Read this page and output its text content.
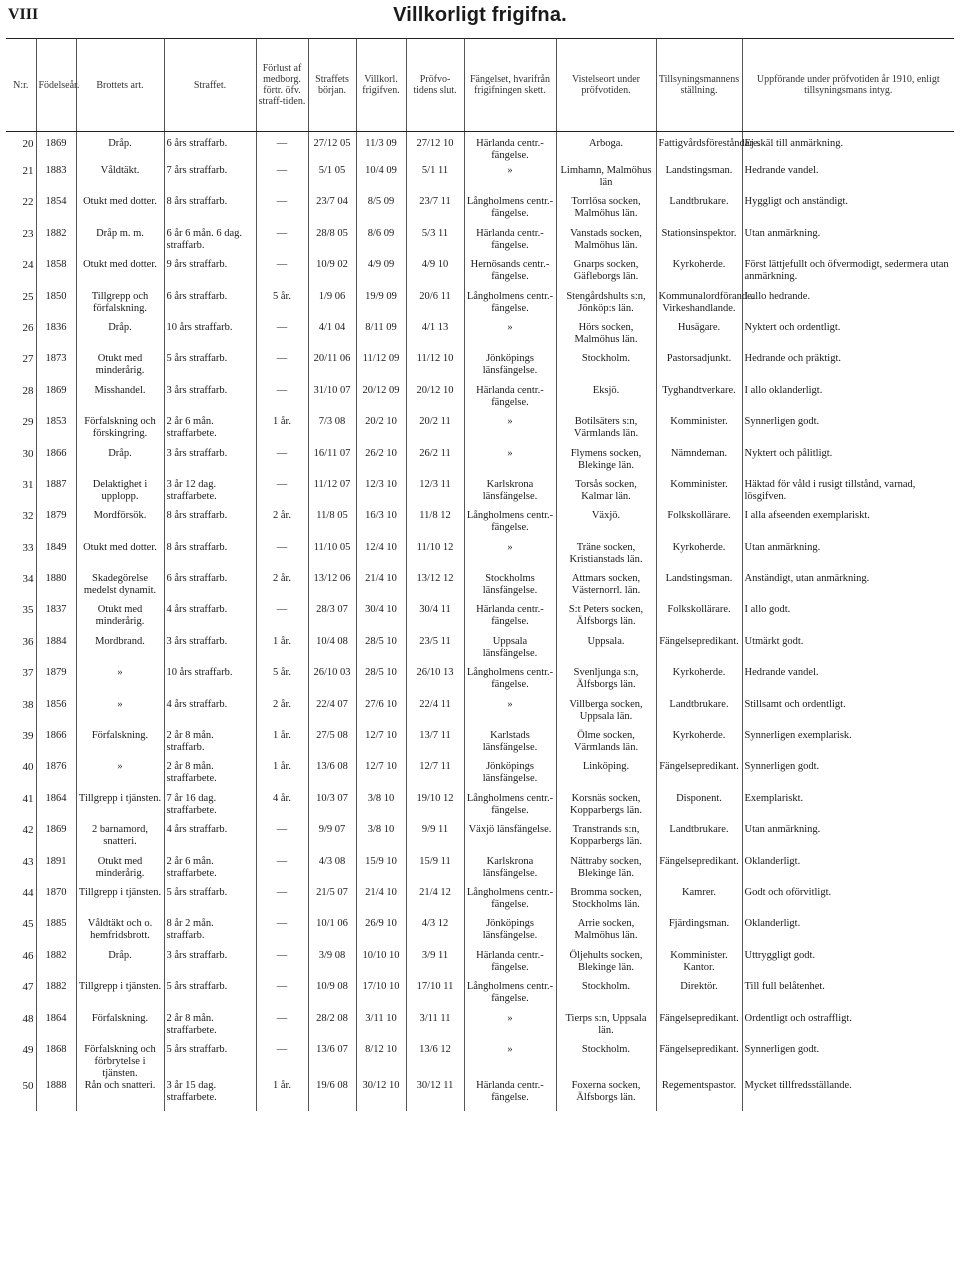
VIII	Villkorligt frigifna.
N:r.	Födelseår.	Brottets art.	Straffet.	Förlust af medborg. förtr. öfv. straff-tiden.	Straffets början.	Villkorl. frigifven.	Pröfvo-tidens slut.	Fängelset, hvarifrån frigifningen skett.	Vistelseort under pröfvotiden.	Tillsyningsmannens ställning.	Uppförande under pröfvotiden år 1910, enligt tillsyningsmans intyg.
20	1869	Dråp.	6 års straffarb.	—	27/12 05	11/3 09	27/12 10	Härlanda centr.-fängelse.	Arboga.	Fattigvårdsföreståndare.	Ej skäl till anmärkning.
21	1883	Våldtäkt.	7 års straffarb.	—	5/1 05	10/4 09	5/1 11	»	Limhamn, Malmöhus län	Landstingsman.	Hedrande vandel.
22	1854	Otukt med dotter.	8 års straffarb.	—	23/7 04	8/5 09	23/7 11	Långholmens centr.-fängelse.	Torrlösa socken, Malmöhus län.	Landtbrukare.	Hyggligt och anständigt.
23	1882	Dråp m. m.	6 år 6 mån. 6 dag. straffarb.	—	28/8 05	8/6 09	5/3 11	Härlanda centr.-fängelse.	Vanstads socken, Malmöhus län.	Stationsinspektor.	Utan anmärkning.
24	1858	Otukt med dotter.	9 års straffarb.	—	10/9 02	4/9 09	4/9 10	Hernösands centr.-fängelse.	Gnarps socken, Gäfleborgs län.	Kyrkoherde.	Först lättjefullt och öfvermodigt, sedermera utan anmärkning.
25	1850	Tillgrepp och förfalskning.	6 års straffarb.	5 år.	1/9 06	19/9 09	20/6 11	Långholmens centr.-fängelse.	Stengårdshults s:n, Jönköp:s län.	Kommunalordförande. Virkeshandlande.	I allo hedrande.
26	1836	Dråp.	10 års straffarb.	—	4/1 04	8/11 09	4/1 13	»	Hörs socken, Malmöhus län.	Husägare.	Nyktert och ordentligt.
27	1873	Otukt med minderårig.	5 års straffarb.	—	20/11 06	11/12 09	11/12 10	Jönköpings länsfängelse.	Stockholm.	Pastorsadjunkt.	Hedrande och präktigt.
28	1869	Misshandel.	3 års straffarb.	—	31/10 07	20/12 09	20/12 10	Härlanda centr.-fängelse.	Eksjö.	Tyghandtverkare.	I allo oklanderligt.
29	1853	Förfalskning och förskingring.	2 år 6 mån. straffarbete.	1 år.	7/3 08	20/2 10	20/2 11	»	Botilsäters s:n, Värmlands län.	Komminister.	Synnerligen godt.
30	1866	Dråp.	3 års straffarb.	—	16/11 07	26/2 10	26/2 11	»	Flymens socken, Blekinge län.	Nämndeman.	Nyktert och pålitligt.
31	1887	Delaktighet i upplopp.	3 år 12 dag. straffarbete.	—	11/12 07	12/3 10	12/3 11	Karlskrona länsfängelse.	Torsås socken, Kalmar län.	Komminister.	Häktad för våld i rusigt tillstånd, varnad, lösgifven.
32	1879	Mordförsök.	8 års straffarb.	2 år.	11/8 05	16/3 10	11/8 12	Långholmens centr.-fängelse.	Växjö.	Folkskollärare.	I alla afseenden exemplariskt.
33	1849	Otukt med dotter.	8 års straffarb.	—	11/10 05	12/4 10	11/10 12	»	Träne socken, Kristianstads län.	Kyrkoherde.	Utan anmärkning.
34	1880	Skadegörelse medelst dynamit.	6 års straffarb.	2 år.	13/12 06	21/4 10	13/12 12	Stockholms länsfängelse.	Attmars socken, Västernorrl. län.	Landstingsman.	Anständigt, utan anmärkning.
35	1837	Otukt med minderårig.	4 års straffarb.	—	28/3 07	30/4 10	30/4 11	Härlanda centr.-fängelse.	S:t Peters socken, Älfsborgs län.	Folkskollärare.	I allo godt.
36	1884	Mordbrand.	3 års straffarb.	1 år.	10/4 08	28/5 10	23/5 11	Uppsala länsfängelse.	Uppsala.	Fängelsepredikant.	Utmärkt godt.
37	1879	»	10 års straffarb.	5 år.	26/10 03	28/5 10	26/10 13	Långholmens centr.-fängelse.	Svenljunga s:n, Älfsborgs län.	Kyrkoherde.	Hedrande vandel.
38	1856	»	4 års straffarb.	2 år.	22/4 07	27/6 10	22/4 11	»	Villberga socken, Uppsala län.	Landtbrukare.	Stillsamt och ordentligt.
39	1866	Förfalskning.	2 år 8 mån. straffarb.	1 år.	27/5 08	12/7 10	13/7 11	Karlstads länsfängelse.	Ölme socken, Värmlands län.	Kyrkoherde.	Synnerligen exemplarisk.
40	1876	»	2 år 8 mån. straffarbete.	1 år.	13/6 08	12/7 10	12/7 11	Jönköpings länsfängelse.	Linköping.	Fängelsepredikant.	Synnerligen godt.
41	1864	Tillgrepp i tjänsten.	7 år 16 dag. straffarbete.	4 år.	10/3 07	3/8 10	19/10 12	Långholmens centr.-fängelse.	Korsnäs socken, Kopparbergs län.	Disponent.	Exemplariskt.
42	1869	2 barnamord, snatteri.	4 års straffarb.	—	9/9 07	3/8 10	9/9 11	Växjö länsfängelse.	Transtrands s:n, Kopparbergs län.	Landtbrukare.	Utan anmärkning.
43	1891	Otukt med minderårig.	2 år 6 mån. straffarbete.	—	4/3 08	15/9 10	15/9 11	Karlskrona länsfängelse.	Nättraby socken, Blekinge län.	Fängelsepredikant.	Oklanderligt.
44	1870	Tillgrepp i tjänsten.	5 års straffarb.	—	21/5 07	21/4 10	21/4 12	Långholmens centr.-fängelse.	Bromma socken, Stockholms län.	Kamrer.	Godt och oförvitligt.
45	1885	Våldtäkt och o. hemfridsbrott.	8 år 2 mån. straffarb.	—	10/1 06	26/9 10	4/3 12	Jönköpings länsfängelse.	Arrie socken, Malmöhus län.	Fjärdingsman.	Oklanderligt.
46	1882	Dråp.	3 års straffarb.	—	3/9 08	10/10 10	3/9 11	Härlanda centr.-fängelse.	Öljehults socken, Blekinge län.	Komminister. Kantor.	Uttryggligt godt.
47	1882	Tillgrepp i tjänsten.	5 års straffarb.	—	10/9 08	17/10 10	17/10 11	Långholmens centr.-fängelse.	Stockholm.	Direktör.	Till full belåtenhet.
48	1864	Förfalskning.	2 år 8 mån. straffarbete.	—	28/2 08	3/11 10	3/11 11	»	Tierps s:n, Uppsala län.	Fängelsepredikant.	Ordentligt och ostraffligt.
49	1868	Förfalskning och förbrytelse i tjänsten.	5 års straffarb.	—	13/6 07	8/12 10	13/6 12	»	Stockholm.	Fängelsepredikant.	Synnerligen godt.
50	1888	Rån och snatteri.	3 år 15 dag. straffarbete.	1 år.	19/6 08	30/12 10	30/12 11	Härlanda centr.-fängelse.	Foxerna socken, Älfsborgs län.	Regementspastor.	Mycket tillfredsställande.
